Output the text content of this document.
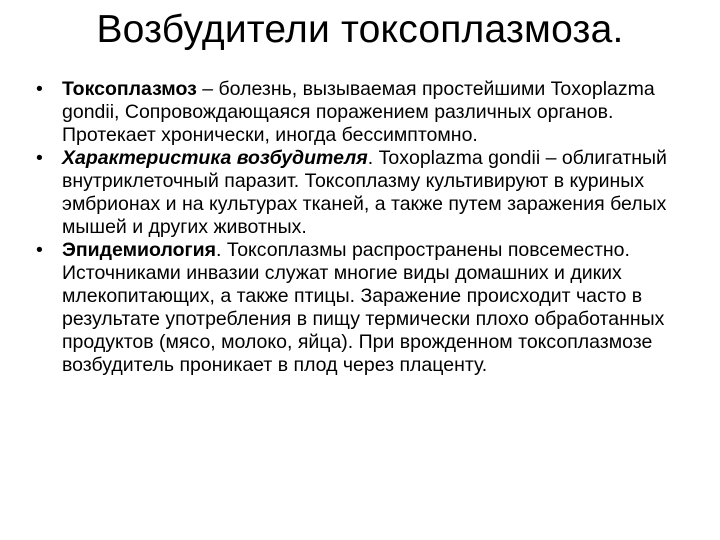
Возбудители токсоплазмоза.
• Токсоплазмоз – болезнь, вызываемая простейшими Toxoplazma gondii, Сопровождающаяся поражением различных органов. Протекает хронически, иногда бессимптомно.
• Характеристика возбудителя. Toxoplazma gondii – облигатный внутриклеточный паразит. Токсоплазму культивируют в куриных эмбрионах и на культурах тканей, а также путем заражения белых мышей и других животных.
• Эпидемиология. Токсоплазмы распространены повсеместно. Источниками инвазии служат многие виды домашних и диких млекопитающих, а также птицы. Заражение происходит часто в результате употребления в пищу термически плохо обработанных продуктов (мясо, молоко, яйца). При врожденном токсоплазмозе возбудитель проникает в плод через плаценту.
